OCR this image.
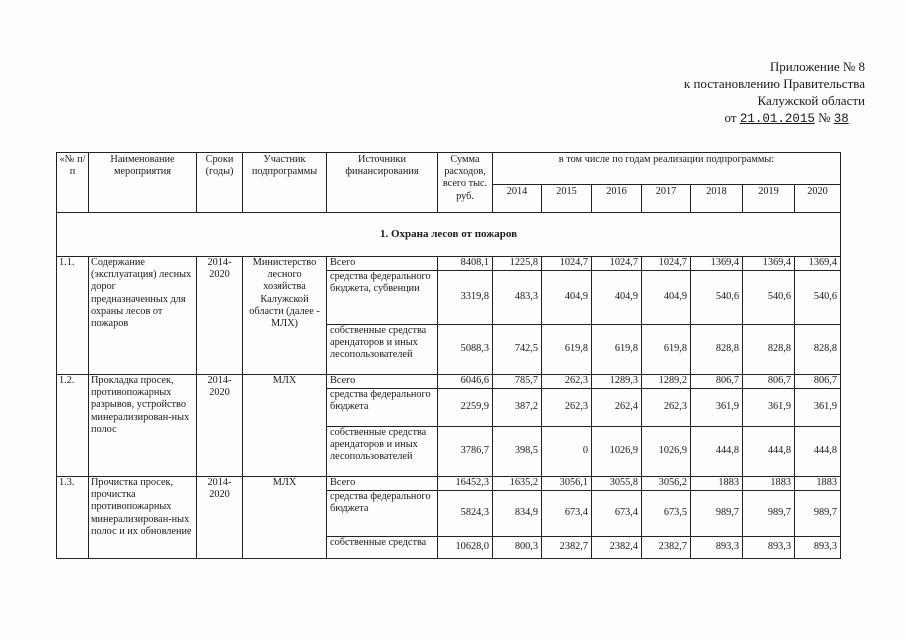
Приложение № 8
к постановлению Правительства
Калужской области
от 21.01.2015 № 38
«№ п/п	Наименование мероприятия	Сроки (годы)	Участник подпрограммы	Источники финансирования	Сумма расходов, всего тыс. руб.	в том числе по годам реализации подпрограммы:						
						2014	2015	2016	2017	2018	2019	2020
1. Охрана лесов от пожаров												
1.1.	Содержание (эксплуатация) лесных дорог предназначенных для охраны лесов от пожаров	2014- 2020	Министерство лесного хозяйства Калужской области (далее - МЛХ)	Всего	8408,1	1225,8	1024,7	1024,7	1024,7	1369,4	1369,4	1369,4
				средства федерального бюджета, субвенции	3319,8	483,3	404,9	404,9	404,9	540,6	540,6	540,6
				собственные средства арендаторов и иных лесопользователей	5088,3	742,5	619,8	619,8	619,8	828,8	828,8	828,8
1.2.	Прокладка просек, противопожарных разрывов, устройство минерализирован-ных полос	2014- 2020	МЛХ	Всего	6046,6	785,7	262,3	1289,3	1289,2	806,7	806,7	806,7
				средства федерального бюджета	2259,9	387,2	262,3	262,4	262,3	361,9	361,9	361,9
				собственные средства арендаторов и иных лесопользователей	3786,7	398,5	0	1026,9	1026,9	444,8	444,8	444,8
1.3.	Прочистка просек, прочистка противопожарных минерализирован-ных полос и их обновление	2014- 2020	МЛХ	Всего	16452,3	1635,2	3056,1	3055,8	3056,2	1883	1883	1883
				средства федерального бюджета	5824,3	834,9	673,4	673,4	673,5	989,7	989,7	989,7
				собственные средства	10628,0	800,3	2382,7	2382,4	2382,7	893,3	893,3	893,3
